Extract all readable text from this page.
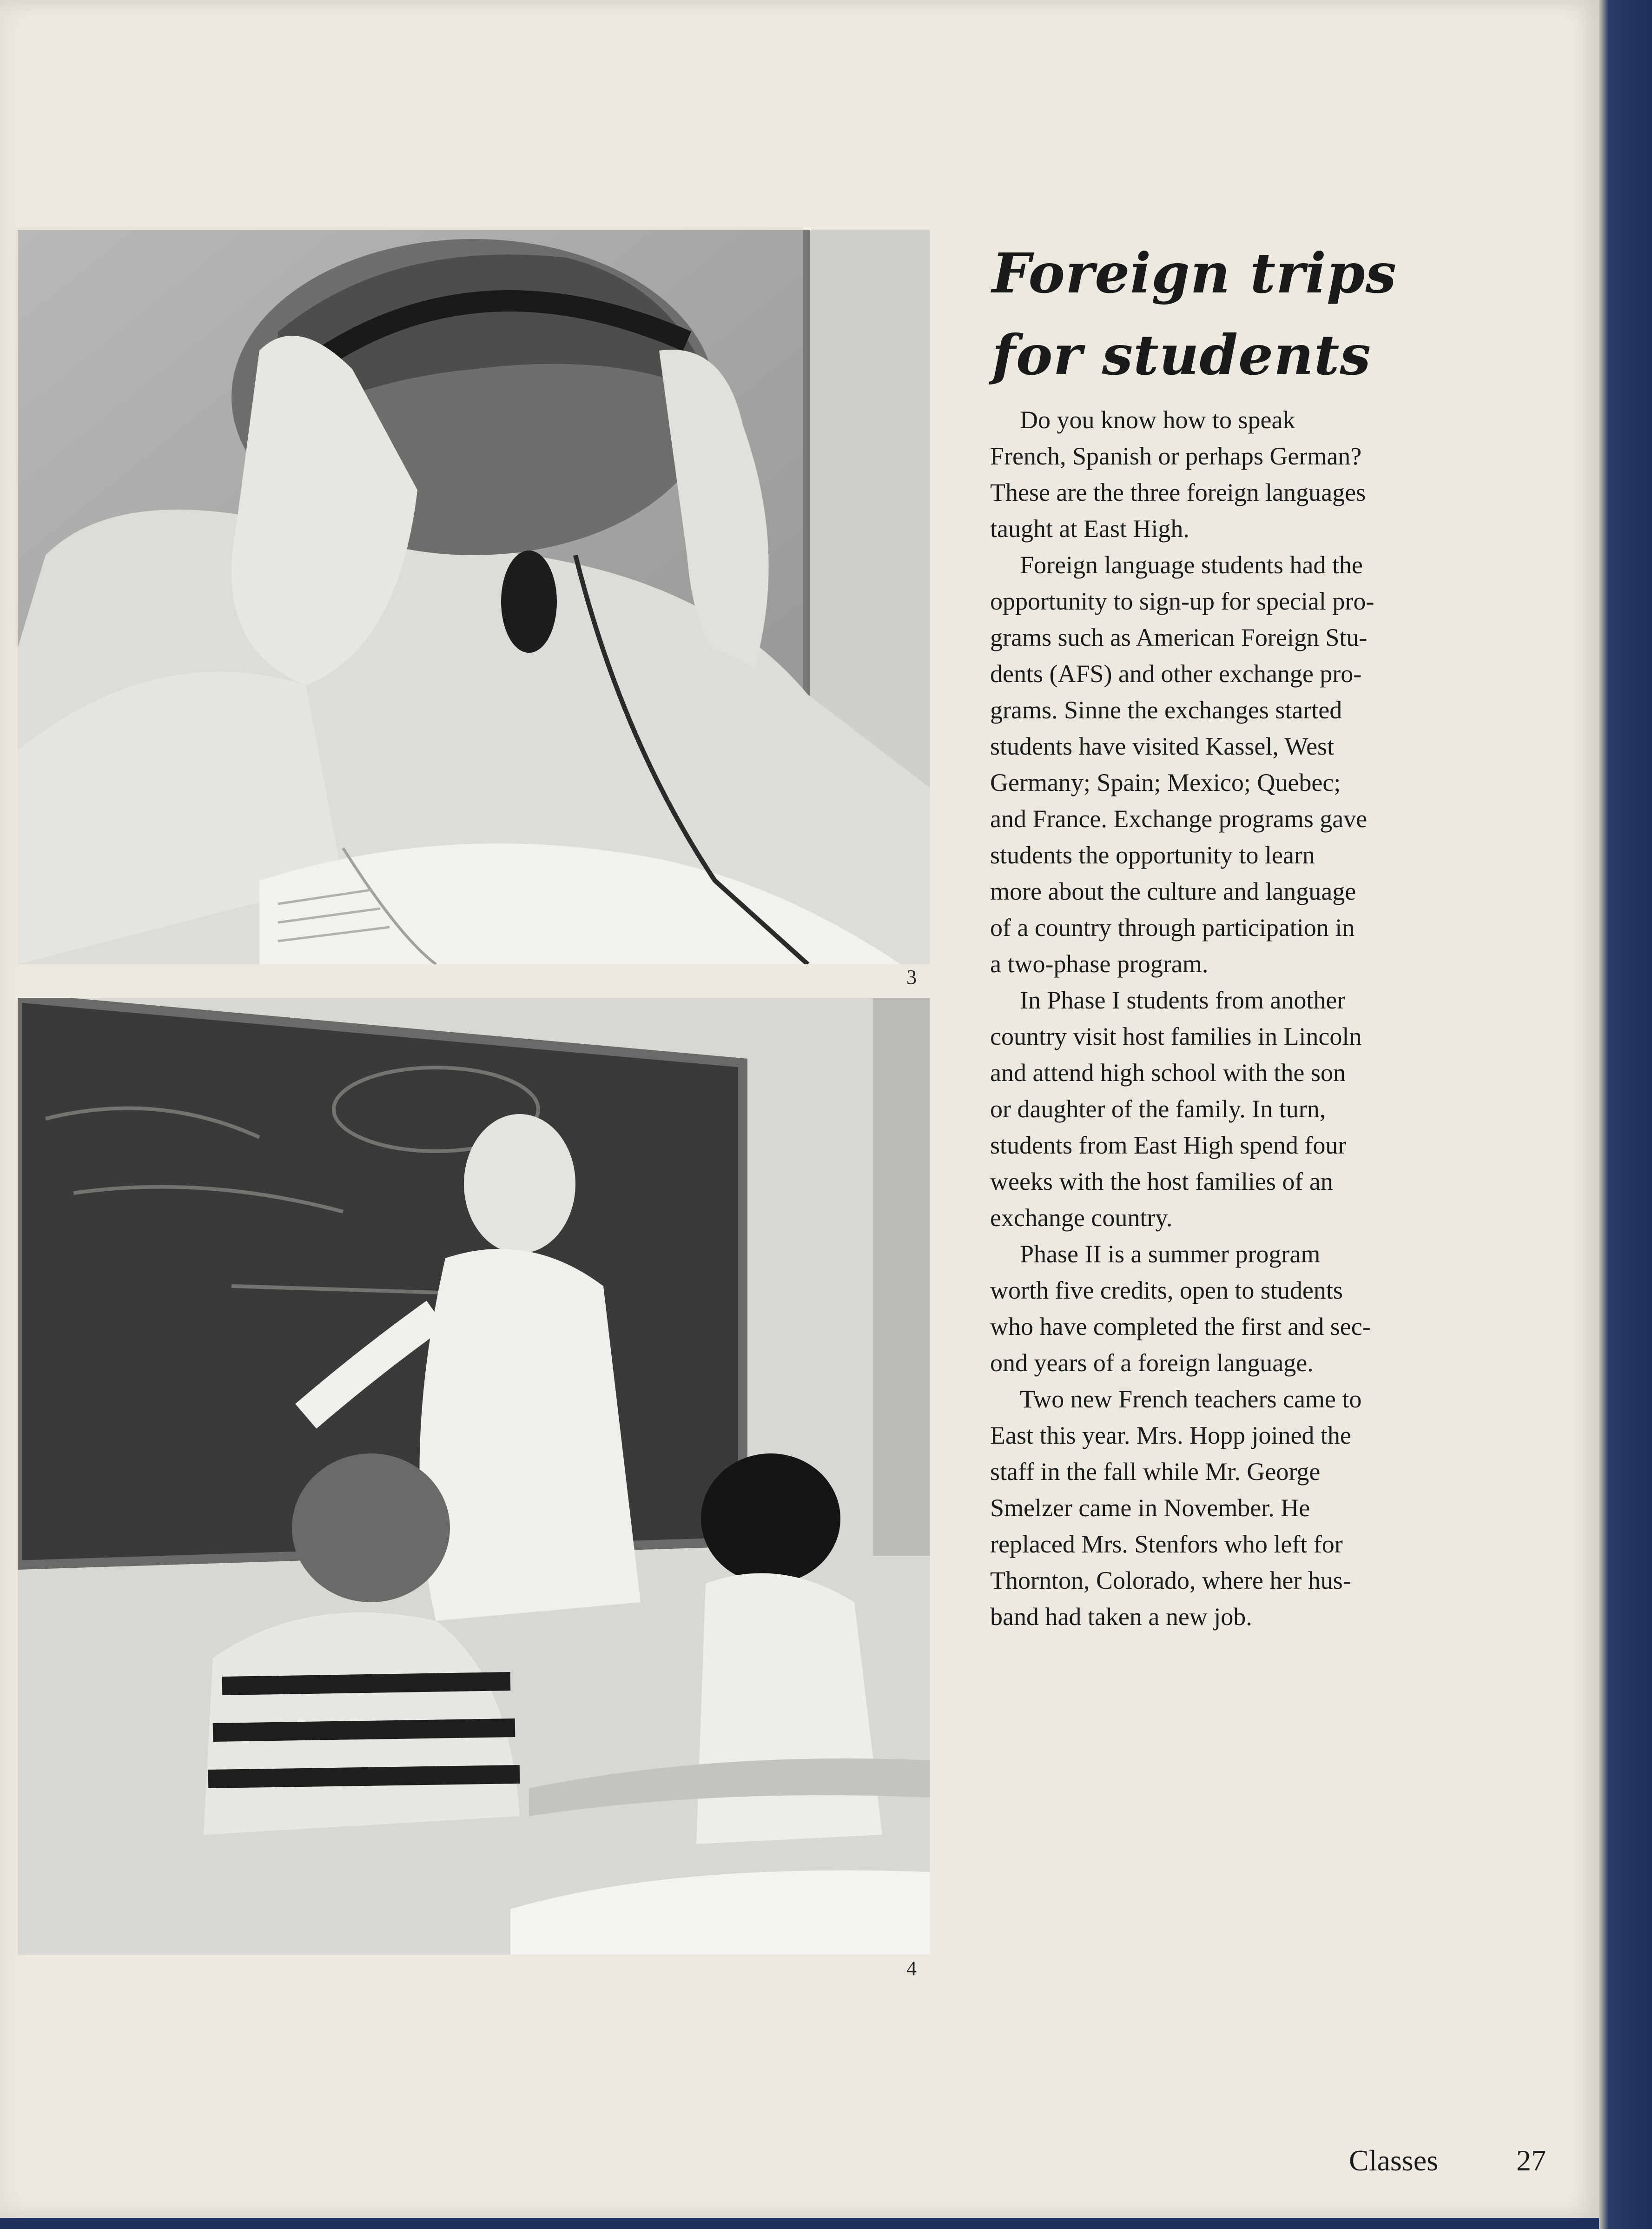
3
4
Foreign trips
for students
Do you know how to speak
French, Spanish or perhaps German?
These are the three foreign languages
taught at East High.
Foreign language students had the
opportunity to sign-up for special pro-
grams such as American Foreign Stu-
dents (AFS) and other exchange pro-
grams. Sinne the exchanges started
students have visited Kassel, West
Germany; Spain; Mexico; Quebec;
and France. Exchange programs gave
students the opportunity to learn
more about the culture and language
of a country through participation in
a two-phase program.
In Phase I students from another
country visit host families in Lincoln
and attend high school with the son
or daughter of the family. In turn,
students from East High spend four
weeks with the host families of an
exchange country.
Phase II is a summer program
worth five credits, open to students
who have completed the first and sec-
ond years of a foreign language.
Two new French teachers came to
East this year. Mrs. Hopp joined the
staff in the fall while Mr. George
Smelzer came in November. He
replaced Mrs. Stenfors who left for
Thornton, Colorado, where her hus-
band had taken a new job.
Classes	27
